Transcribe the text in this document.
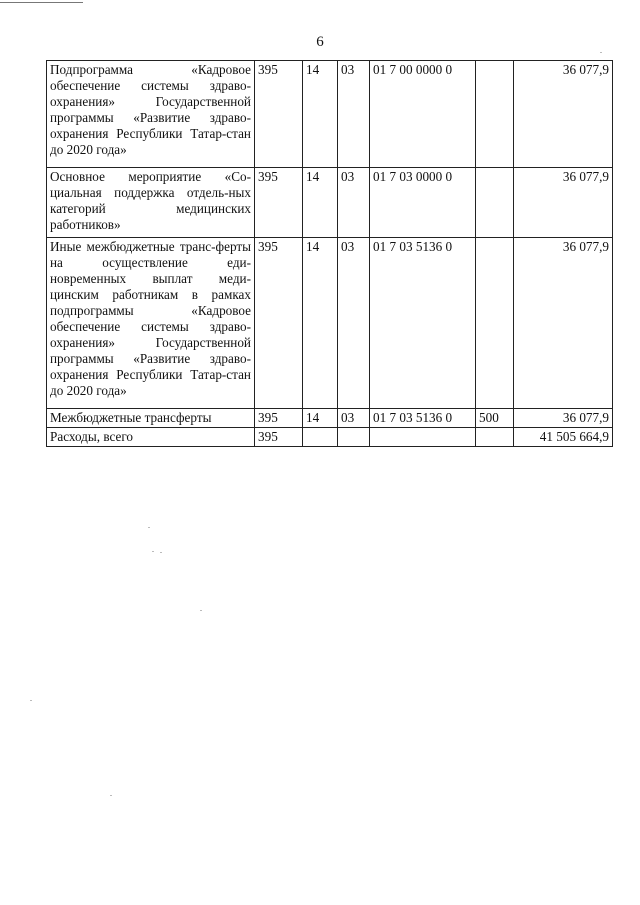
6
Подпрограмма «Кадровое обеспечение системы здраво-охранения» Государственной программы «Развитие здраво-охранения Республики Татар-стан до 2020 года»	395	14	03	01 7 00 0000 0		36 077,9
Основное мероприятие «Со-циальная поддержка отдель-ных категорий медицинских работников»	395	14	03	01 7 03 0000 0		36 077,9
Иные межбюджетные транс-ферты на осуществление еди-новременных выплат меди-цинским работникам в рамках подпрограммы «Кадровое обеспечение системы здраво-охранения» Государственной программы «Развитие здраво-охранения Республики Татар-стан до 2020 года»	395	14	03	01 7 03 5136 0		36 077,9
Межбюджетные трансферты	395	14	03	01 7 03 5136 0	500	36 077,9
Расходы, всего	395					41 505 664,9
